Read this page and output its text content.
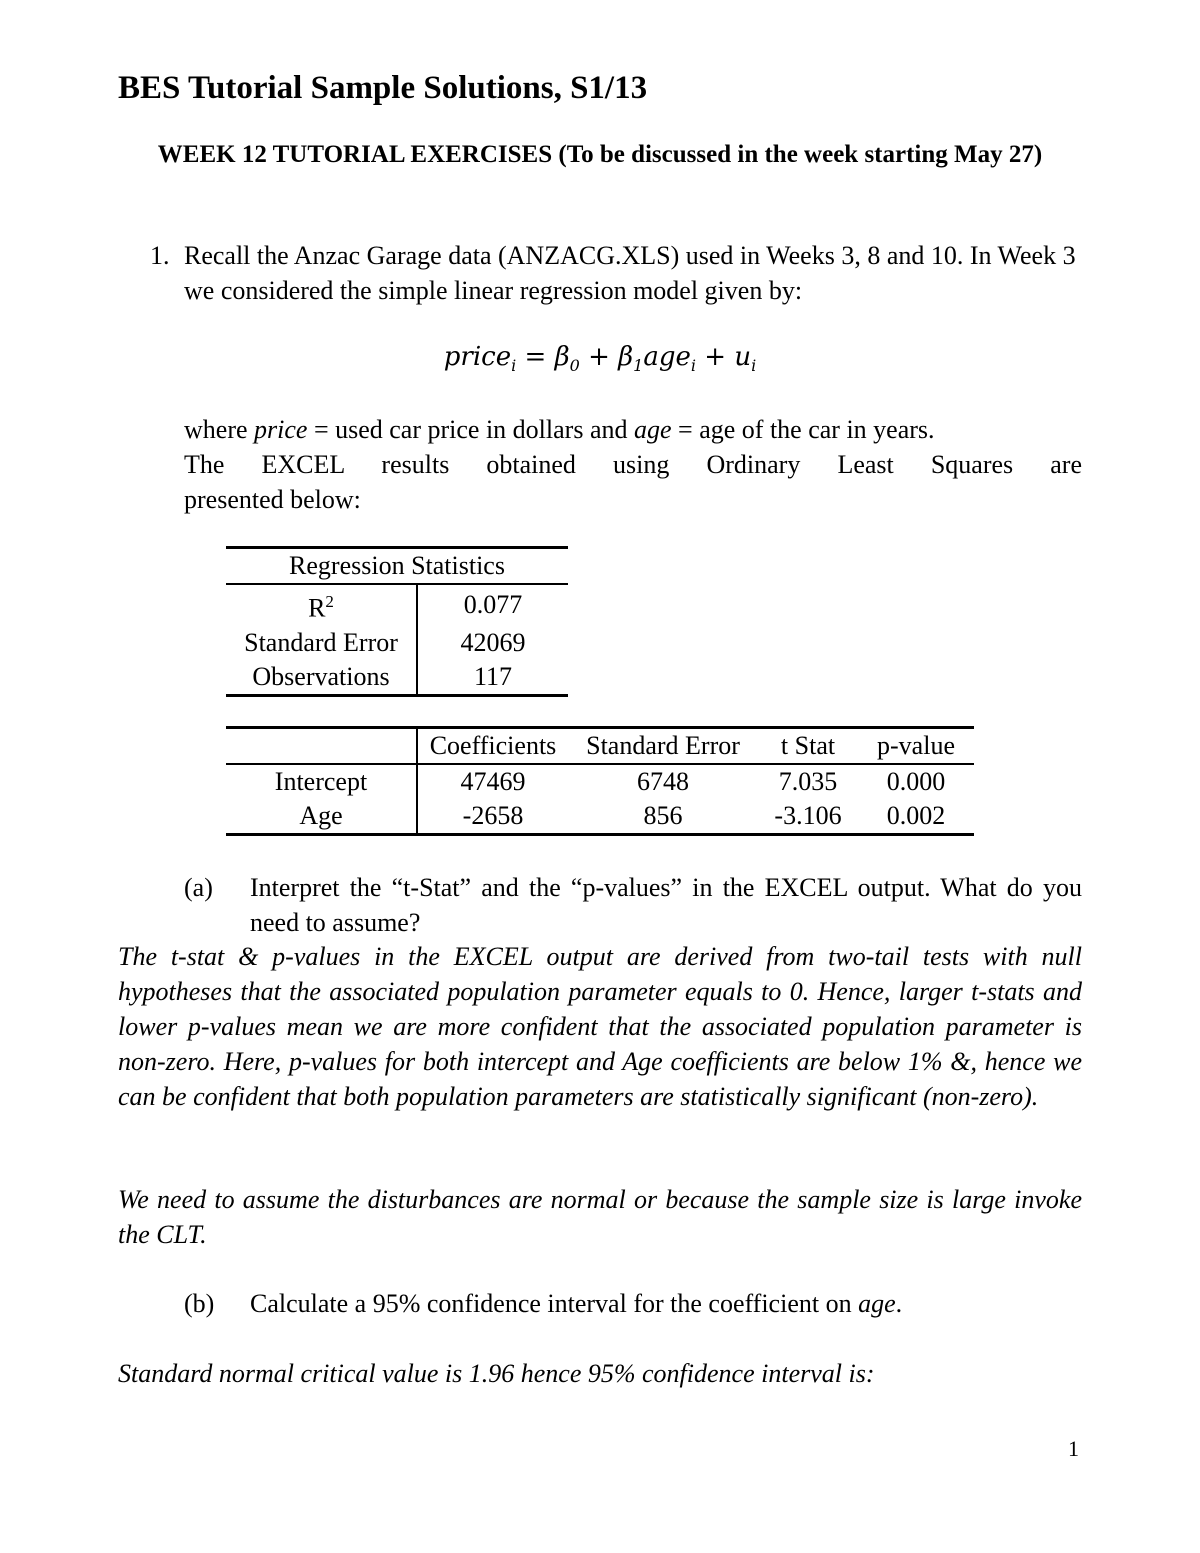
BES Tutorial Sample Solutions, S1/13
WEEK 12 TUTORIAL EXERCISES (To be discussed in the week starting May 27)
1. Recall the Anzac Garage data (ANZACG.XLS) used in Weeks 3, 8 and 10. In Week 3 we considered the simple linear regression model given by:
price$_i$ = $\beta_0 + \beta_1age_i + u_i$
where price = used car price in dollars and age = age of the car in years.
The EXCEL results obtained using Ordinary Least Squares are
presented below:
Regression Statistics	
$R^2$	0.077
Standard Error	42069
Observations	117
	Coefficients	Standard Error	t Stat	p-value
Intercept	47469	6748	7.035	0.000
Age	-2658	856	-3.106	0.002
(a) Interpret the “t-Stat” and the “p-values” in the EXCEL output. What do you need to assume?
The t-stat & p-values in the EXCEL output are derived from two-tail tests with null hypotheses that the associated population parameter equals to 0. Hence, larger t-stats and lower p-values mean we are more confident that the associated population parameter is non-zero. Here, p-values for both intercept and Age coefficients are below 1% &, hence we can be confident that both population parameters are statistically significant (non-zero).
We need to assume the disturbances are normal or because the sample size is large invoke the CLT.
(b) Calculate a 95% confidence interval for the coefficient on age.
Standard normal critical value is 1.96 hence 95% confidence interval is:
1
